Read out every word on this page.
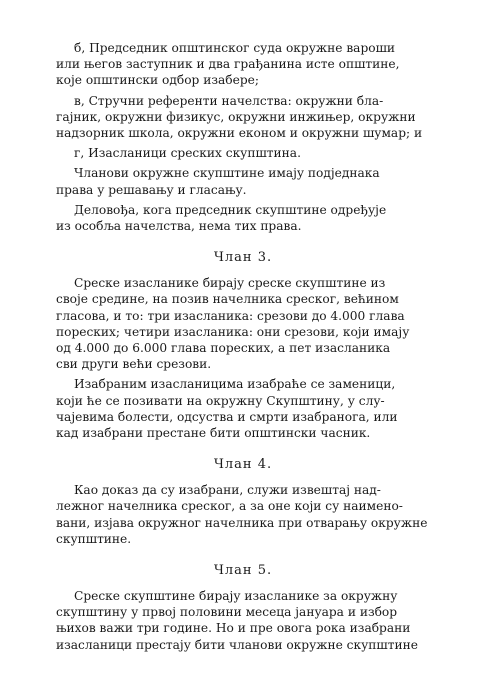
б, Председник општинског суда окружне вароши
или његов заступник и два грађанина исте општине,
које општински одбор изабере;

в, Стручни референти начелства: окружни бла-
гајник, окружни физикус, окружни инжињер, окружни
надзорник школа, окружни економ и окружни шумар; и

г, Изасланици среских скупштина.

Чланови окружне скупштине имају подједнака
права у решавању и гласању.

Деловођа, кога председник скупштине одређује
из особља начелства, нема тих права.

Члан 3.

Среске изасланике бирају среске скупштине из
своје средине, на позив начелника среског, већином
гласова, и то: три изасланика: срезови до 4.000 глава
пореских; четири изасланика: они срезови, који имају
од 4.000 до 6.000 глава пореских, а пет изасланика
сви други већи срезови.

Изабраним изасланицима изабраће се заменици,
који ће се позивати на окружну Скупштину, у слу-
чајевима болести, одсуства и смрти изабранога, или
кад изабрани престане бити општински часник.

Члан 4.

Као доказ да су изабрани, служи извештај над-
лежног начелника среског, а за оне који су наимено-
вани, изјава окружног начелника при отварању окружне
скупштине.

Члан 5.

Среске скупштине бирају изасланике за окружну
скупштину у првој половини месеца јануара и избор
њихов важи три године. Но и пре овога рока изабрани
изасланици престају бити чланови окружне скупштине
